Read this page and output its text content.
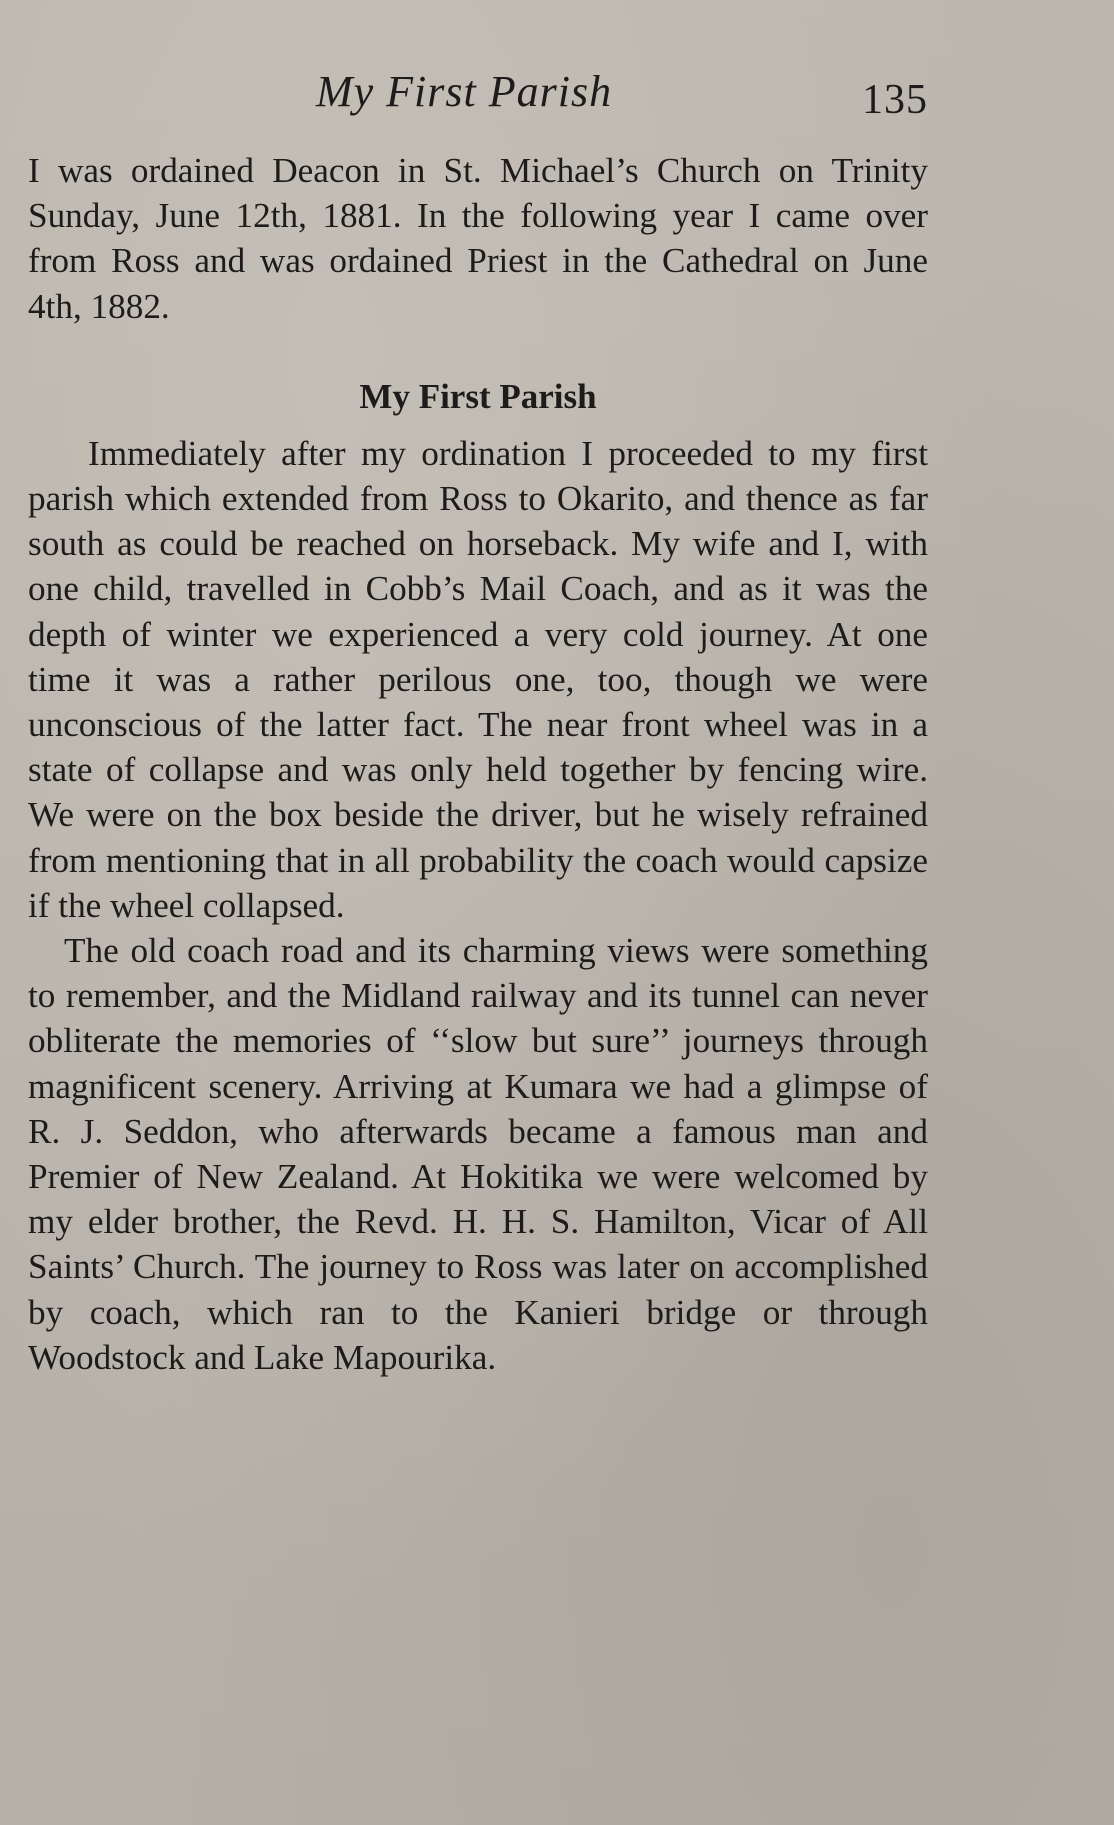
My First Parish	135

I was ordained Deacon in St. Michael’s Church on Trinity Sunday, June 12th, 1881. In the following year I came over from Ross and was ordained Priest in the Cathedral on June 4th, 1882.

My First Parish

Immediately after my ordination I proceeded to my first parish which extended from Ross to Okarito, and thence as far south as could be reached on horseback. My wife and I, with one child, travelled in Cobb’s Mail Coach, and as it was the depth of winter we experienced a very cold journey. At one time it was a rather perilous one, too, though we were unconscious of the latter fact. The near front wheel was in a state of collapse and was only held together by fencing wire. We were on the box beside the driver, but he wisely refrained from mentioning that in all probability the coach would capsize if the wheel collapsed.

The old coach road and its charming views were something to remember, and the Midland railway and its tunnel can never obliterate the memories of ‘‘slow but sure’’ journeys through magnificent scenery. Arriving at Kumara we had a glimpse of R. J. Seddon, who afterwards became a famous man and Premier of New Zealand. At Hokitika we were welcomed by my elder brother, the Revd. H. H. S. Hamilton, Vicar of All Saints’ Church. The journey to Ross was later on accomplished by coach, which ran to the Kanieri bridge or through Woodstock and Lake Mapourika.
